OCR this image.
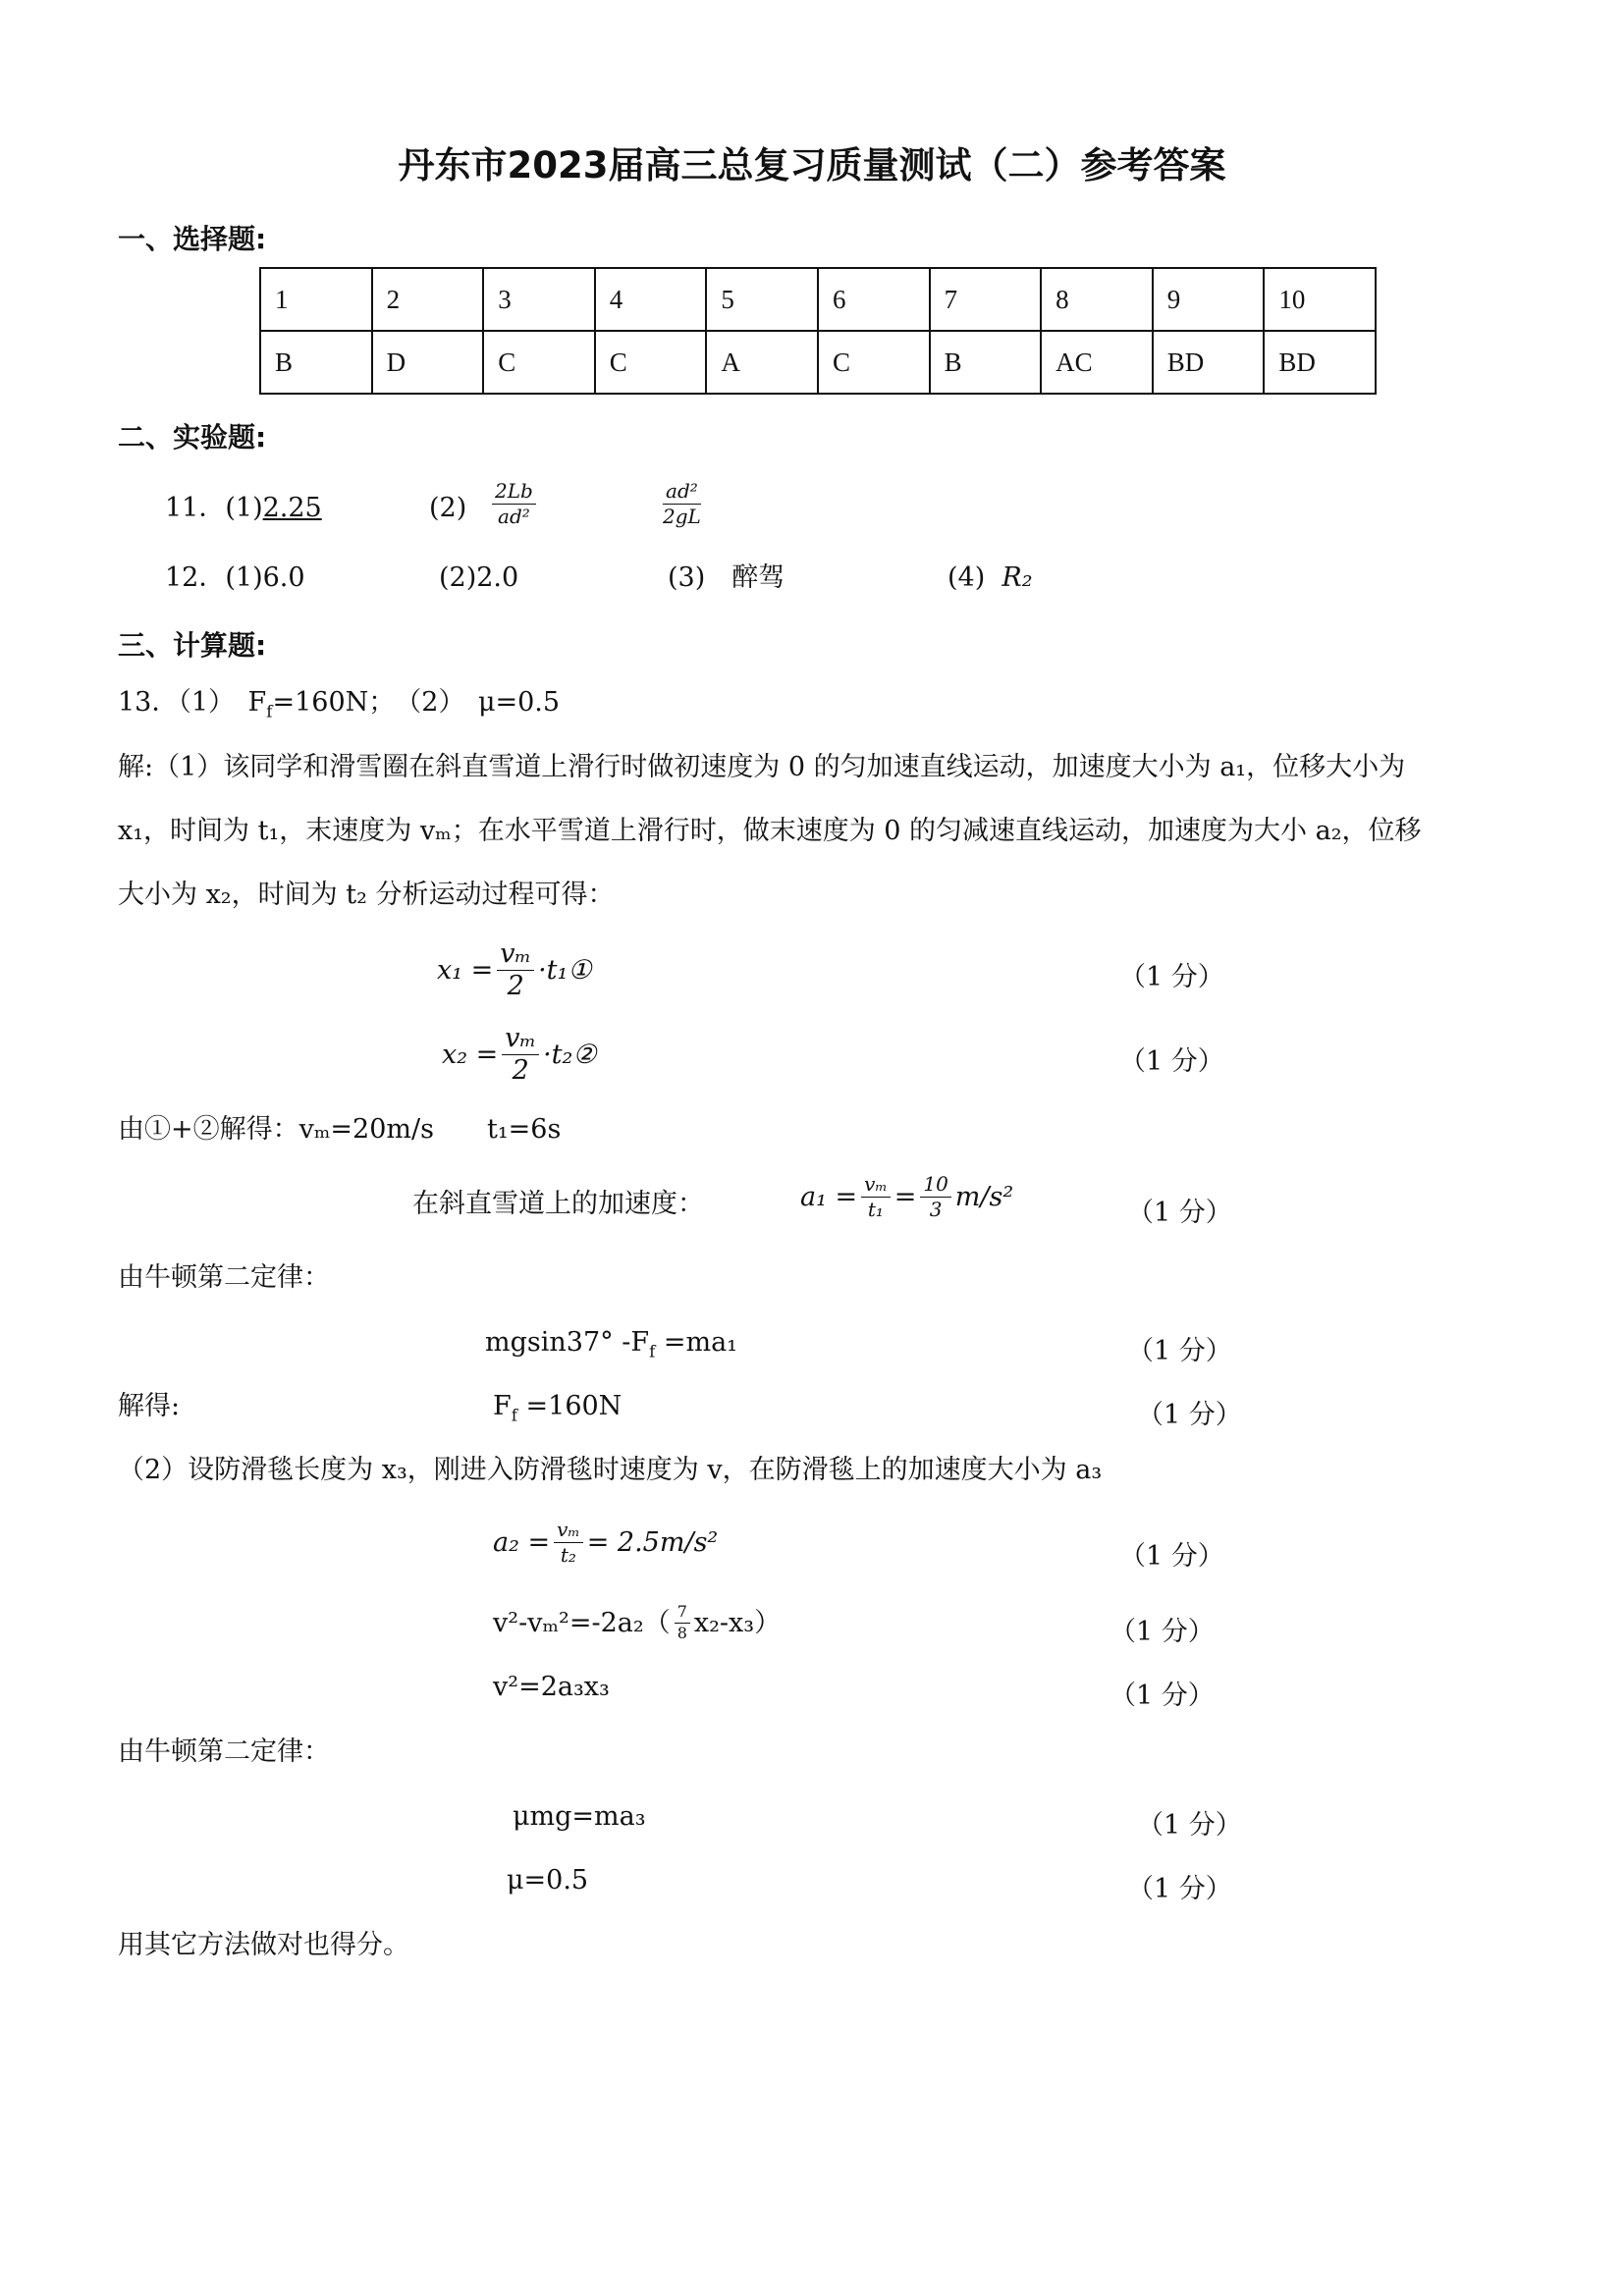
丹东市2023届高三总复习质量测试（二）参考答案
一、选择题:
1	2	3	4	5	6	7	8	9	10
B	D	C	C	A	C	B	AC	BD	BD
二、实验题:
11．(1)2.25	$(2) \frac{2Lb}{\text{ad²}}$	$\frac{\text{ad²}}{2gL}$
12．(1)6.0	(2)2.0	(3)　醉驾	(4) R₂
三、计算题:
13．（1）　$F_f=160N$；　（2）　μ=0.5
解:（1）该同学和滑雪圈在斜直雪道上滑行时做初速度为 0 的匀加速直线运动，加速度大小为 a₁，位移大小为
x₁，时间为 t₁，末速度为 vₘ；在水平雪道上滑行时，做末速度为 0 的匀减速直线运动，加速度为大小 a₂，位移
大小为 x₂，时间为 t₂ 分析运动过程可得：
$x_1 = \frac{\text{vₘ}}{2}$ ·t₁①	（1 分）
$x_2 = \frac{\text{vₘ}}{2}$ ·t₂②	（1 分）
由①+②解得：vₘ=20m/s　　t₁=6s
在斜直雪道上的加速度：	$a_1 = \frac{\text{vₘ}}{\text{t₁}} = \frac{10}{3} m/s^2$
（1 分）
由牛顿第二定律：
mgsin37° $-F_f =ma_1$	（1 分）
解得:	$F_f =160N$	（1 分）
（2）设防滑毯长度为 x₃，刚进入防滑毯时速度为 v，在防滑毯上的加速度大小为 a₃
$a_2 = \frac{\text{vₘ}}{\text{t₂}} = 2.5m/s^2$	（1 分）
$v^2-v_m^2=-2a_2( \frac{7}{8} x_2-x_3)$	（1 分）
v²=2a₃x₃	（1 分）
由牛顿第二定律：
μmg=ma₃	（1 分）
μ=0.5	（1 分）
用其它方法做对也得分。
